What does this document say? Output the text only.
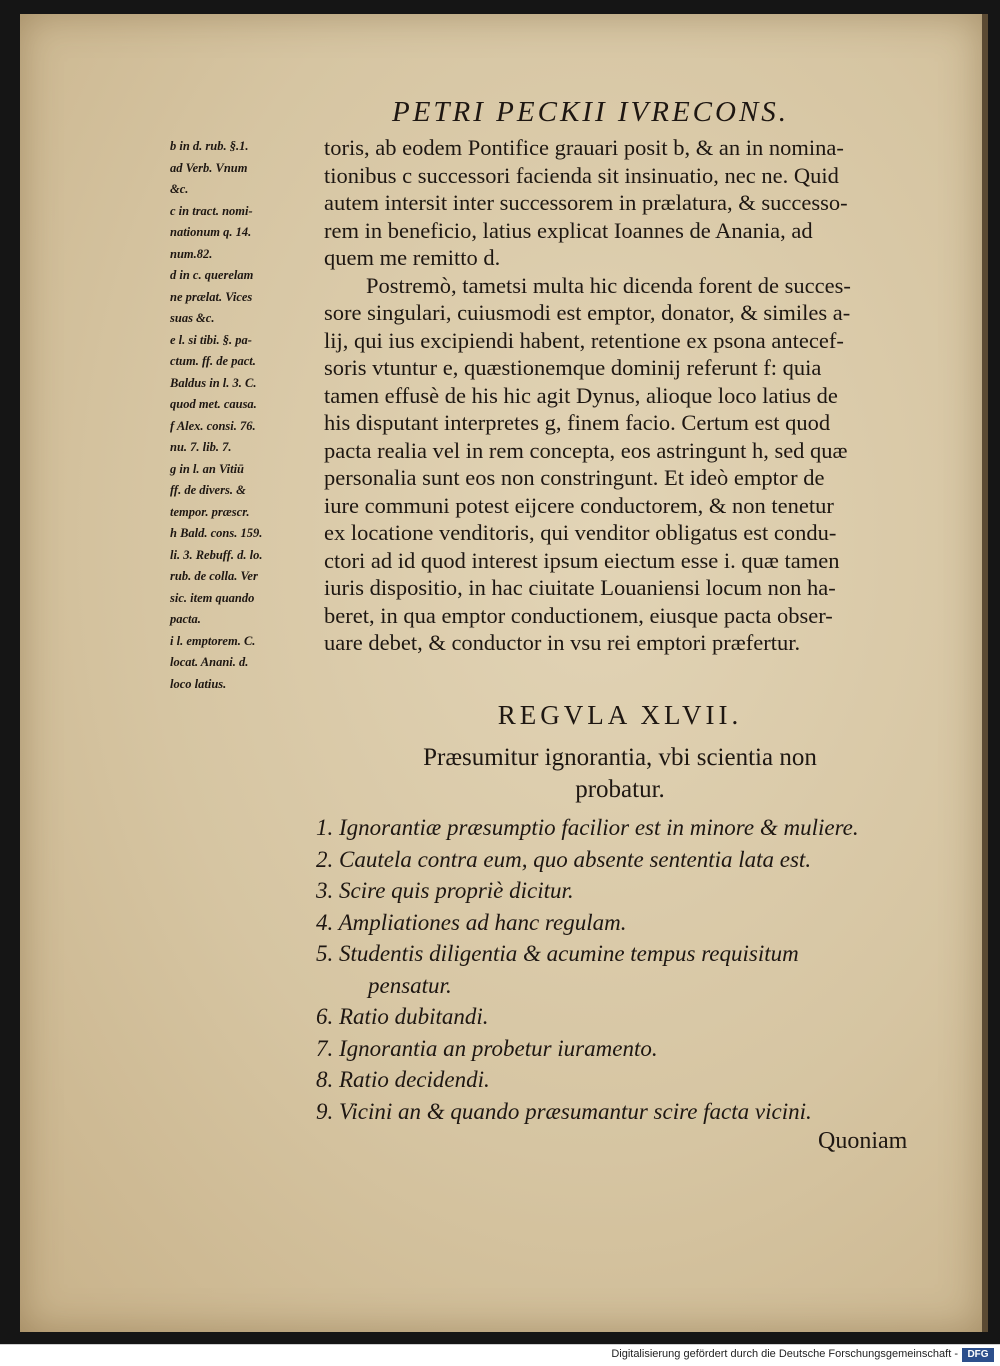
PETRI PECKII IVRECONS.
b in d. rub. §.1.
ad Verb. Vnum
&c.
c in tract. nomi-
nationum q. 14.
num.82.
d in c. querelam
ne prælat. Vices
suas &c.
e l. si tibi. §. pa-
ctum. ff. de pact.
Baldus in l. 3. C.
quod met. causa.
f Alex. consi. 76.
nu. 7. lib. 7.
g in l. an Vitiū
ff. de divers. &
tempor. præscr.
h Bald. cons. 159.
li. 3. Rebuff. d. lo.
rub. de colla. Ver
sic. item quando
pacta.
i l. emptorem. C.
locat. Anani. d.
loco latius.
toris, ab eodem Pontifice grauari posit b, & an in nomina-
tionibus c successori facienda sit insinuatio, nec ne. Quid
autem intersit inter successorem in prælatura, & successo-
rem in beneficio, latius explicat Ioannes de Anania, ad
quem me remitto d.
Postremò, tametsi multa hic dicenda forent de succes-
sore singulari, cuiusmodi est emptor, donator, & similes a-
lij, qui ius excipiendi habent, retentione ex psona antecef-
soris vtuntur e, quæstionemque dominij referunt f: quia
tamen effusè de his hic agit Dynus, alioque loco latius de
his disputant interpretes g, finem facio. Certum est quod
pacta realia vel in rem concepta, eos astringunt h, sed quæ
personalia sunt eos non constringunt. Et ideò emptor de
iure communi potest eijcere conductorem, & non tenetur
ex locatione venditoris, qui venditor obligatus est condu-
ctori ad id quod interest ipsum eiectum esse i. quæ tamen
iuris dispositio, in hac ciuitate Louaniensi locum non ha-
beret, in qua emptor conductionem, eiusque pacta obser-
uare debet, & conductor in vsu rei emptori præfertur.
REGVLA XLVII.
Præsumitur ignorantia, vbi scientia non
probatur.
1. Ignorantiæ præsumptio facilior est in minore & muliere.
2. Cautela contra eum, quo absente sententia lata est.
3. Scire quis propriè dicitur.
4. Ampliationes ad hanc regulam.
5. Studentis diligentia & acumine tempus requisitum
pensatur.
6. Ratio dubitandi.
7. Ignorantia an probetur iuramento.
8. Ratio decidendi.
9. Vicini an & quando præsumantur scire facta vicini.
Quoniam
Digitalisierung gefördert durch die Deutsche Forschungsgemeinschaft - DFG
